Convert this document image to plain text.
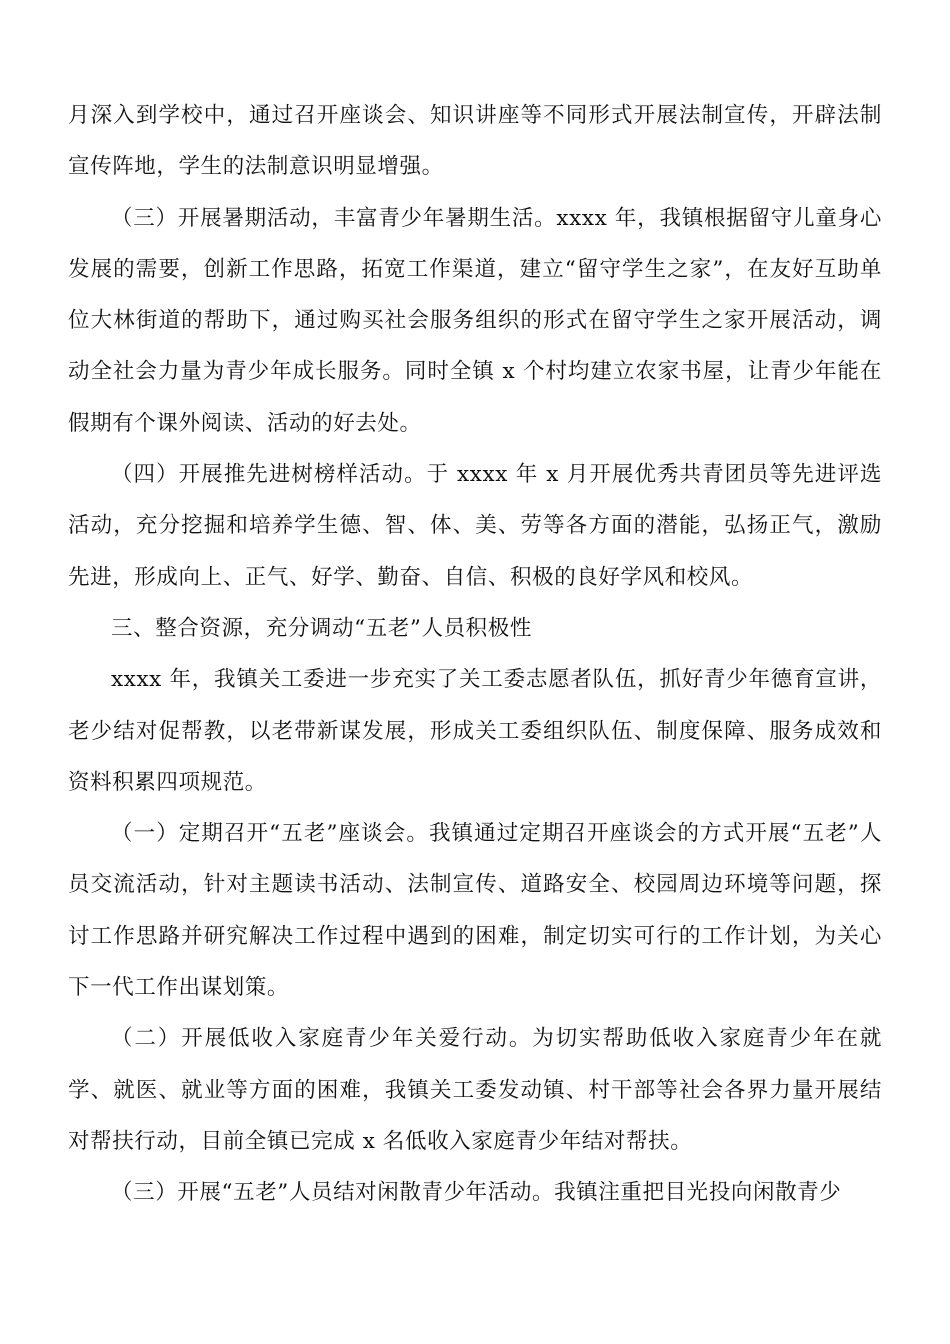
月深入到学校中，通过召开座谈会、知识讲座等不同形式开展法制宣传，开辟法制宣传阵地，学生的法制意识明显增强。

（三）开展暑期活动，丰富青少年暑期生活。xxxx 年，我镇根据留守儿童身心发展的需要，创新工作思路，拓宽工作渠道，建立“留守学生之家”，在友好互助单位大林街道的帮助下，通过购买社会服务组织的形式在留守学生之家开展活动，调动全社会力量为青少年成长服务。同时全镇 x 个村均建立农家书屋，让青少年能在假期有个课外阅读、活动的好去处。

（四）开展推先进树榜样活动。于 xxxx 年 x 月开展优秀共青团员等先进评选活动，充分挖掘和培养学生德、智、体、美、劳等各方面的潜能，弘扬正气，激励先进，形成向上、正气、好学、勤奋、自信、积极的良好学风和校风。

三、整合资源，充分调动“五老”人员积极性

xxxx 年，我镇关工委进一步充实了关工委志愿者队伍，抓好青少年德育宣讲，老少结对促帮教，以老带新谋发展，形成关工委组织队伍、制度保障、服务成效和资料积累四项规范。

（一）定期召开“五老”座谈会。我镇通过定期召开座谈会的方式开展“五老”人员交流活动，针对主题读书活动、法制宣传、道路安全、校园周边环境等问题，探讨工作思路并研究解决工作过程中遇到的困难，制定切实可行的工作计划，为关心下一代工作出谋划策。

（二）开展低收入家庭青少年关爱行动。为切实帮助低收入家庭青少年在就学、就医、就业等方面的困难，我镇关工委发动镇、村干部等社会各界力量开展结对帮扶行动，目前全镇已完成 x 名低收入家庭青少年结对帮扶。

（三）开展“五老”人员结对闲散青少年活动。我镇注重把目光投向闲散青少
